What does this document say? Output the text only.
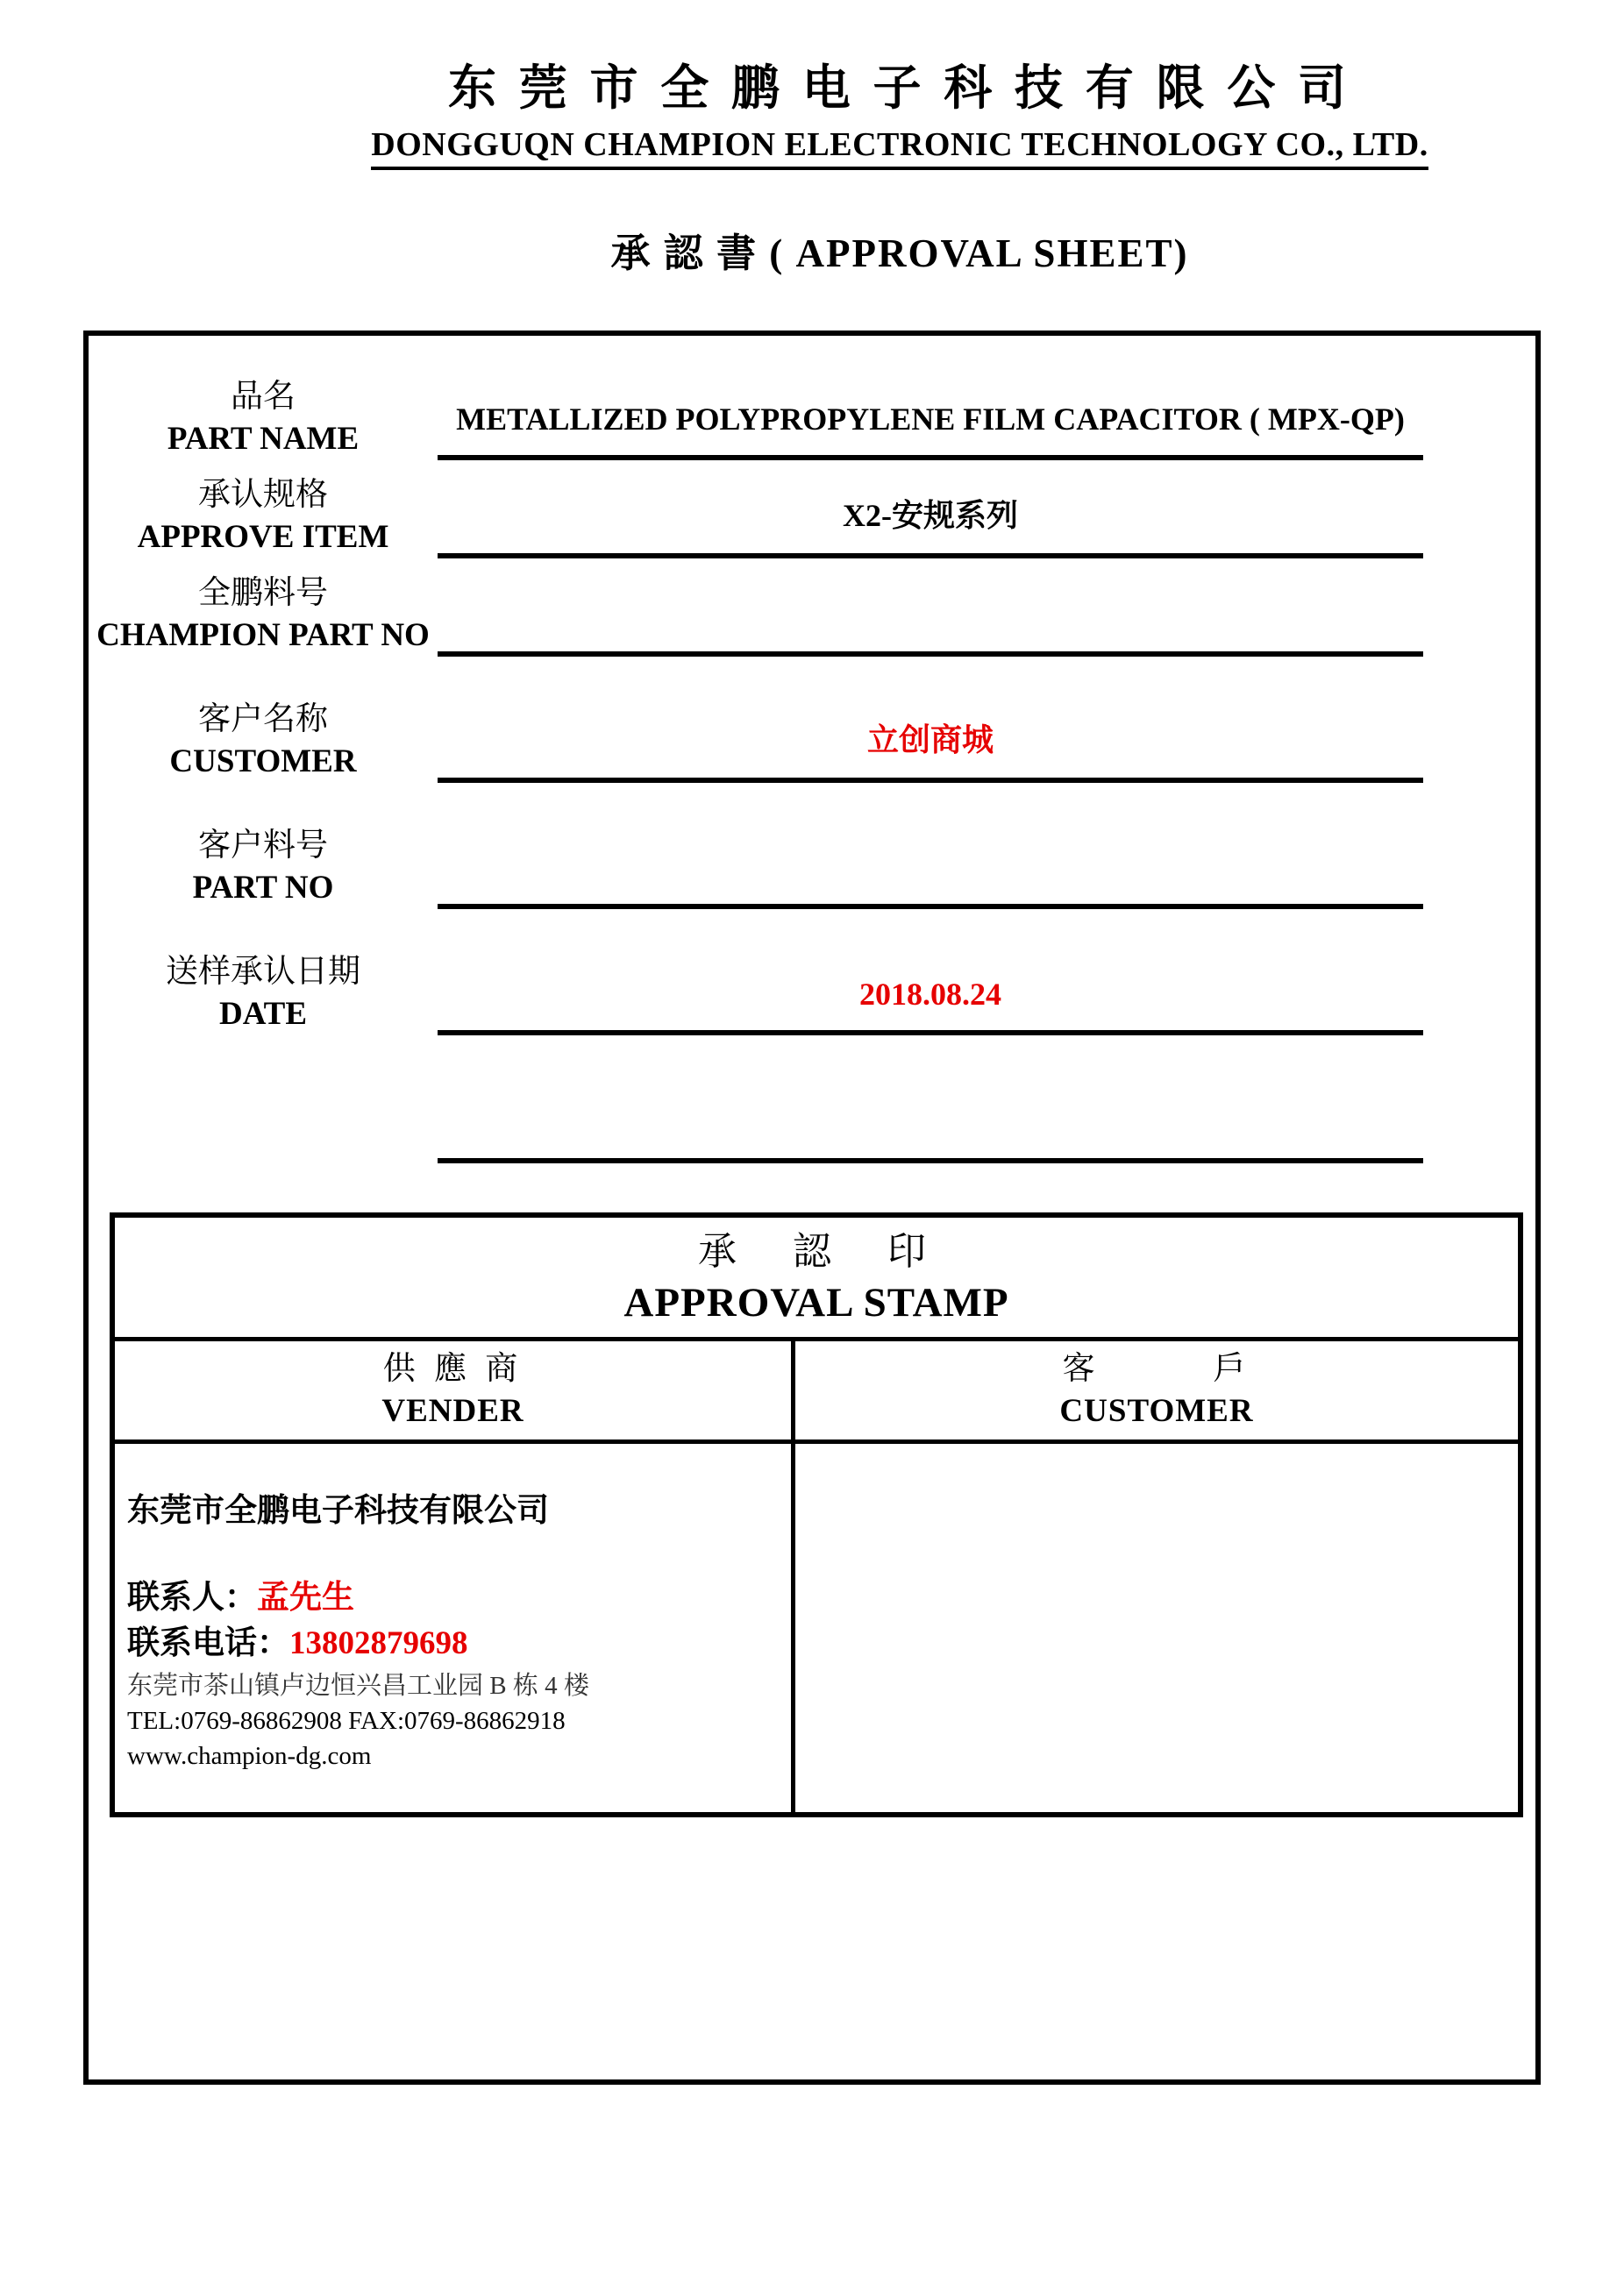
东 莞 市 全 鹏 电 子 科 技 有 限 公 司
DONGGUQN CHAMPION ELECTRONIC TECHNOLOGY CO., LTD.
承 認 書 ( APPROVAL SHEET)
品名
PART NAME
METALLIZED POLYPROPYLENE FILM CAPACITOR ( MPX-QP)
承认规格
APPROVE ITEM
X2-安规系列
全鹏料号
CHAMPION PART NO
客户名称
CUSTOMER
立创商城
客户料号
PART NO
送样承认日期
DATE
2018.08.24
承　認　印
APPROVAL STAMP
供 應 商
VENDER
客　　　戶
CUSTOMER
东莞市全鹏电子科技有限公司
联系人：孟先生
联系电话：13802879698
东莞市茶山镇卢边恒兴昌工业园 B 栋 4 楼
TEL:0769-86862908 FAX:0769-86862918
www.champion-dg.com
